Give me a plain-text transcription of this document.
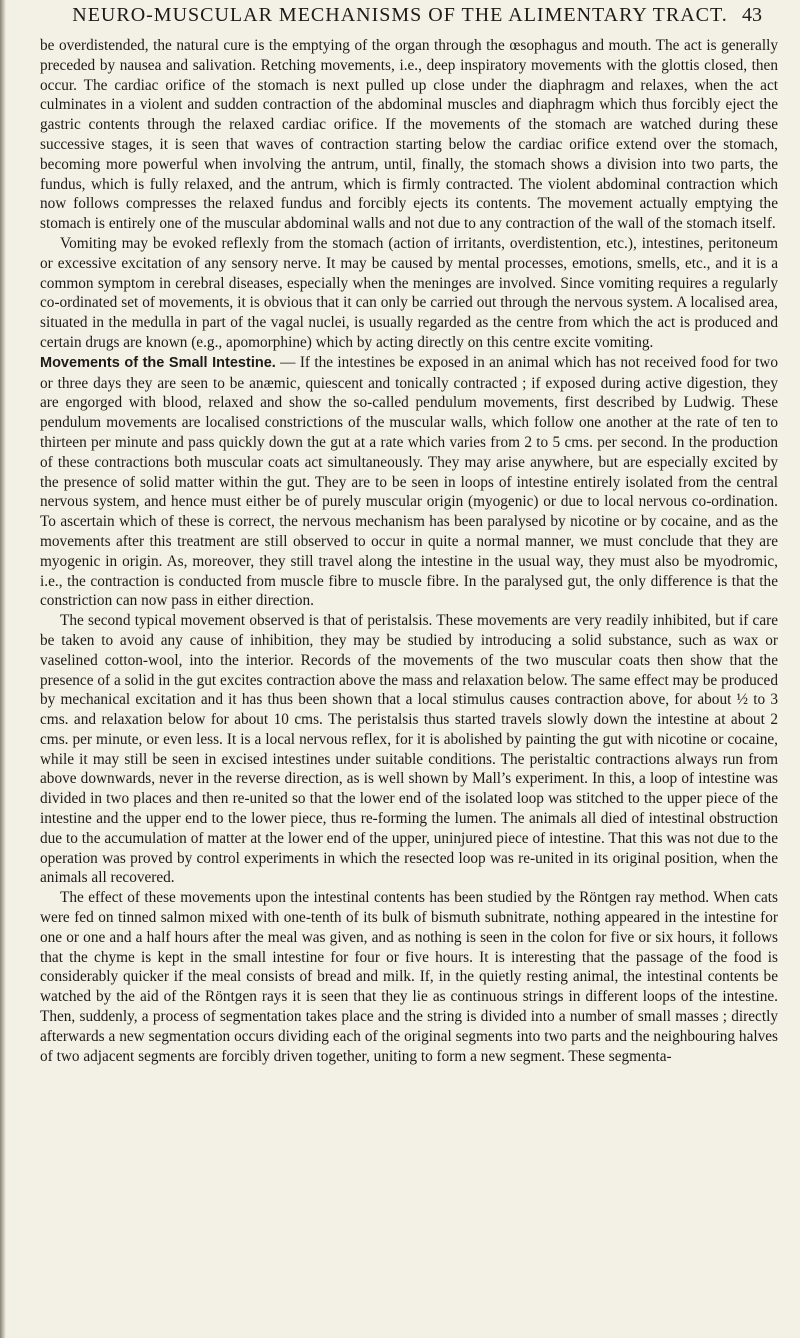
NEURO-MUSCULAR MECHANISMS OF THE ALIMENTARY TRACT. 43

be overdistended, the natural cure is the emptying of the organ through the œsophagus and mouth. The act is generally preceded by nausea and salivation. Retching movements, i.e., deep inspiratory movements with the glottis closed, then occur. The cardiac orifice of the stomach is next pulled up close under the diaphragm and relaxes, when the act culminates in a violent and sudden contraction of the abdominal muscles and diaphragm which thus forcibly eject the gastric contents through the relaxed cardiac orifice. If the movements of the stomach are watched during these successive stages, it is seen that waves of contraction starting below the cardiac orifice extend over the stomach, becoming more powerful when involving the antrum, until, finally, the stomach shows a division into two parts, the fundus, which is fully relaxed, and the antrum, which is firmly contracted. The violent abdominal contraction which now follows compresses the relaxed fundus and forcibly ejects its contents. The movement actually emptying the stomach is entirely one of the muscular abdominal walls and not due to any contraction of the wall of the stomach itself.

Vomiting may be evoked reflexly from the stomach (action of irritants, overdistention, etc.), intestines, peritoneum or excessive excitation of any sensory nerve. It may be caused by mental processes, emotions, smells, etc., and it is a common symptom in cerebral diseases, especially when the meninges are involved. Since vomiting requires a regularly co-ordinated set of movements, it is obvious that it can only be carried out through the nervous system. A localised area, situated in the medulla in part of the vagal nuclei, is usually regarded as the centre from which the act is produced and certain drugs are known (e.g., apomorphine) which by acting directly on this centre excite vomiting.

Movements of the Small Intestine. — If the intestines be exposed in an animal which has not received food for two or three days they are seen to be anæmic, quiescent and tonically contracted ; if exposed during active digestion, they are engorged with blood, relaxed and show the so-called pendulum movements, first described by Ludwig. These pendulum movements are localised constrictions of the muscular walls, which follow one another at the rate of ten to thirteen per minute and pass quickly down the gut at a rate which varies from 2 to 5 cms. per second. In the production of these contractions both muscular coats act simultaneously. They may arise anywhere, but are especially excited by the presence of solid matter within the gut. They are to be seen in loops of intestine entirely isolated from the central nervous system, and hence must either be of purely muscular origin (myogenic) or due to local nervous co-ordination. To ascertain which of these is correct, the nervous mechanism has been paralysed by nicotine or by cocaine, and as the movements after this treatment are still observed to occur in quite a normal manner, we must conclude that they are myogenic in origin. As, moreover, they still travel along the intestine in the usual way, they must also be myodromic, i.e., the contraction is conducted from muscle fibre to muscle fibre. In the paralysed gut, the only difference is that the constriction can now pass in either direction.

The second typical movement observed is that of peristalsis. These movements are very readily inhibited, but if care be taken to avoid any cause of inhibition, they may be studied by introducing a solid substance, such as wax or vaselined cotton-wool, into the interior. Records of the movements of the two muscular coats then show that the presence of a solid in the gut excites contraction above the mass and relaxation below. The same effect may be produced by mechanical excitation and it has thus been shown that a local stimulus causes contraction above, for about ½ to 3 cms. and relaxation below for about 10 cms. The peristalsis thus started travels slowly down the intestine at about 2 cms. per minute, or even less. It is a local nervous reflex, for it is abolished by painting the gut with nicotine or cocaine, while it may still be seen in excised intestines under suitable conditions. The peristaltic contractions always run from above downwards, never in the reverse direction, as is well shown by Mall’s experiment. In this, a loop of intestine was divided in two places and then re-united so that the lower end of the isolated loop was stitched to the upper piece of the intestine and the upper end to the lower piece, thus re-forming the lumen. The animals all died of intestinal obstruction due to the accumulation of matter at the lower end of the upper, uninjured piece of intestine. That this was not due to the operation was proved by control experiments in which the resected loop was re-united in its original position, when the animals all recovered.

The effect of these movements upon the intestinal contents has been studied by the Röntgen ray method. When cats were fed on tinned salmon mixed with one-tenth of its bulk of bismuth subnitrate, nothing appeared in the intestine for one or one and a half hours after the meal was given, and as nothing is seen in the colon for five or six hours, it follows that the chyme is kept in the small intestine for four or five hours. It is interesting that the passage of the food is considerably quicker if the meal consists of bread and milk. If, in the quietly resting animal, the intestinal contents be watched by the aid of the Röntgen rays it is seen that they lie as continuous strings in different loops of the intestine. Then, suddenly, a process of segmentation takes place and the string is divided into a number of small masses ; directly afterwards a new segmentation occurs dividing each of the original segments into two parts and the neighbouring halves of two adjacent segments are forcibly driven together, uniting to form a new segment. These segmenta-
